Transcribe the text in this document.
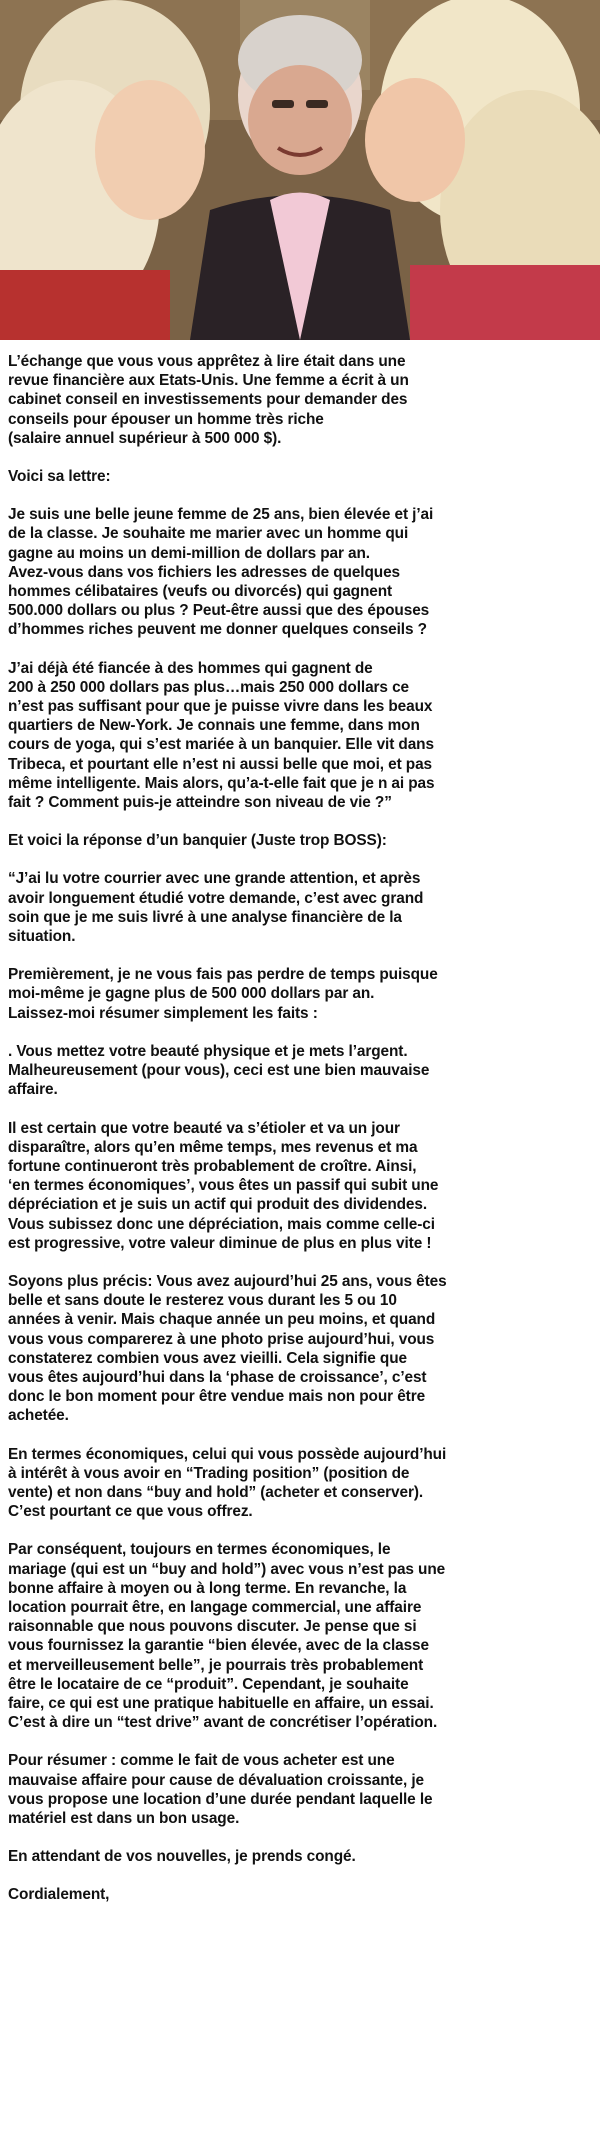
L’échange que vous vous apprêtez à lire était dans une
revue financière aux Etats-Unis. Une femme a écrit à un
cabinet conseil en investissements pour demander des
conseils pour épouser un homme très riche
(salaire annuel supérieur à 500 000 $).

Voici sa lettre:

Je suis une belle jeune femme de 25 ans, bien élevée et j’ai
de la classe. Je souhaite me marier avec un homme qui
gagne au moins un demi-million de dollars par an.
Avez-vous dans vos fichiers les adresses de quelques
hommes célibataires (veufs ou divorcés) qui gagnent
500.000 dollars ou plus ? Peut-être aussi que des épouses
d’hommes riches peuvent me donner quelques conseils ?

J’ai déjà été fiancée à des hommes qui gagnent de
200 à 250 000 dollars pas plus…mais 250 000 dollars ce
n’est pas suffisant pour que je puisse vivre dans les beaux
quartiers de New-York. Je connais une femme, dans mon
cours de yoga, qui s’est mariée à un banquier. Elle vit dans
Tribeca, et pourtant elle n’est ni aussi belle que moi, et pas
même intelligente. Mais alors, qu’a-t-elle fait que je n ai pas
fait ? Comment puis-je atteindre son niveau de vie ?”

Et voici la réponse d’un banquier (Juste trop BOSS):

“J’ai lu votre courrier avec une grande attention, et après
avoir longuement étudié votre demande, c’est avec grand
soin que je me suis livré à une analyse financière de la
situation.

Premièrement, je ne vous fais pas perdre de temps puisque
moi-même je gagne plus de 500 000 dollars par an.
Laissez-moi résumer simplement les faits :

. Vous mettez votre beauté physique et je mets l’argent.
Malheureusement (pour vous), ceci est une bien mauvaise
affaire.

Il est certain que votre beauté va s’étioler et va un jour
disparaître, alors qu’en même temps, mes revenus et ma
fortune continueront très probablement de croître. Ainsi,
‘en termes économiques’, vous êtes un passif qui subit une
dépréciation et je suis un actif qui produit des dividendes.
Vous subissez donc une dépréciation, mais comme celle-ci
est progressive, votre valeur diminue de plus en plus vite !

Soyons plus précis: Vous avez aujourd’hui 25 ans, vous êtes
belle et sans doute le resterez vous durant les 5 ou 10
années à venir. Mais chaque année un peu moins, et quand
vous vous comparerez à une photo prise aujourd’hui, vous
constaterez combien vous avez vieilli. Cela signifie que
vous êtes aujourd’hui dans la ‘phase de croissance’, c’est
donc le bon moment pour être vendue mais non pour être
achetée.

En termes économiques, celui qui vous possède aujourd’hui
à intérêt à vous avoir en “Trading position” (position de
vente) et non dans “buy and hold” (acheter et conserver).
C’est pourtant ce que vous offrez.

Par conséquent, toujours en termes économiques, le
mariage (qui est un “buy and hold”) avec vous n’est pas une
bonne affaire à moyen ou à long terme. En revanche, la
location pourrait être, en langage commercial, une affaire
raisonnable que nous pouvons discuter. Je pense que si
vous fournissez la garantie “bien élevée, avec de la classe
et merveilleusement belle”, je pourrais très probablement
être le locataire de ce “produit”. Cependant, je souhaite
faire, ce qui est une pratique habituelle en affaire, un essai.
C’est à dire un “test drive” avant de concrétiser l’opération.

Pour résumer : comme le fait de vous acheter est une
mauvaise affaire pour cause de dévaluation croissante, je
vous propose une location d’une durée pendant laquelle le
matériel est dans un bon usage.

En attendant de vos nouvelles, je prends congé.

Cordialement,
